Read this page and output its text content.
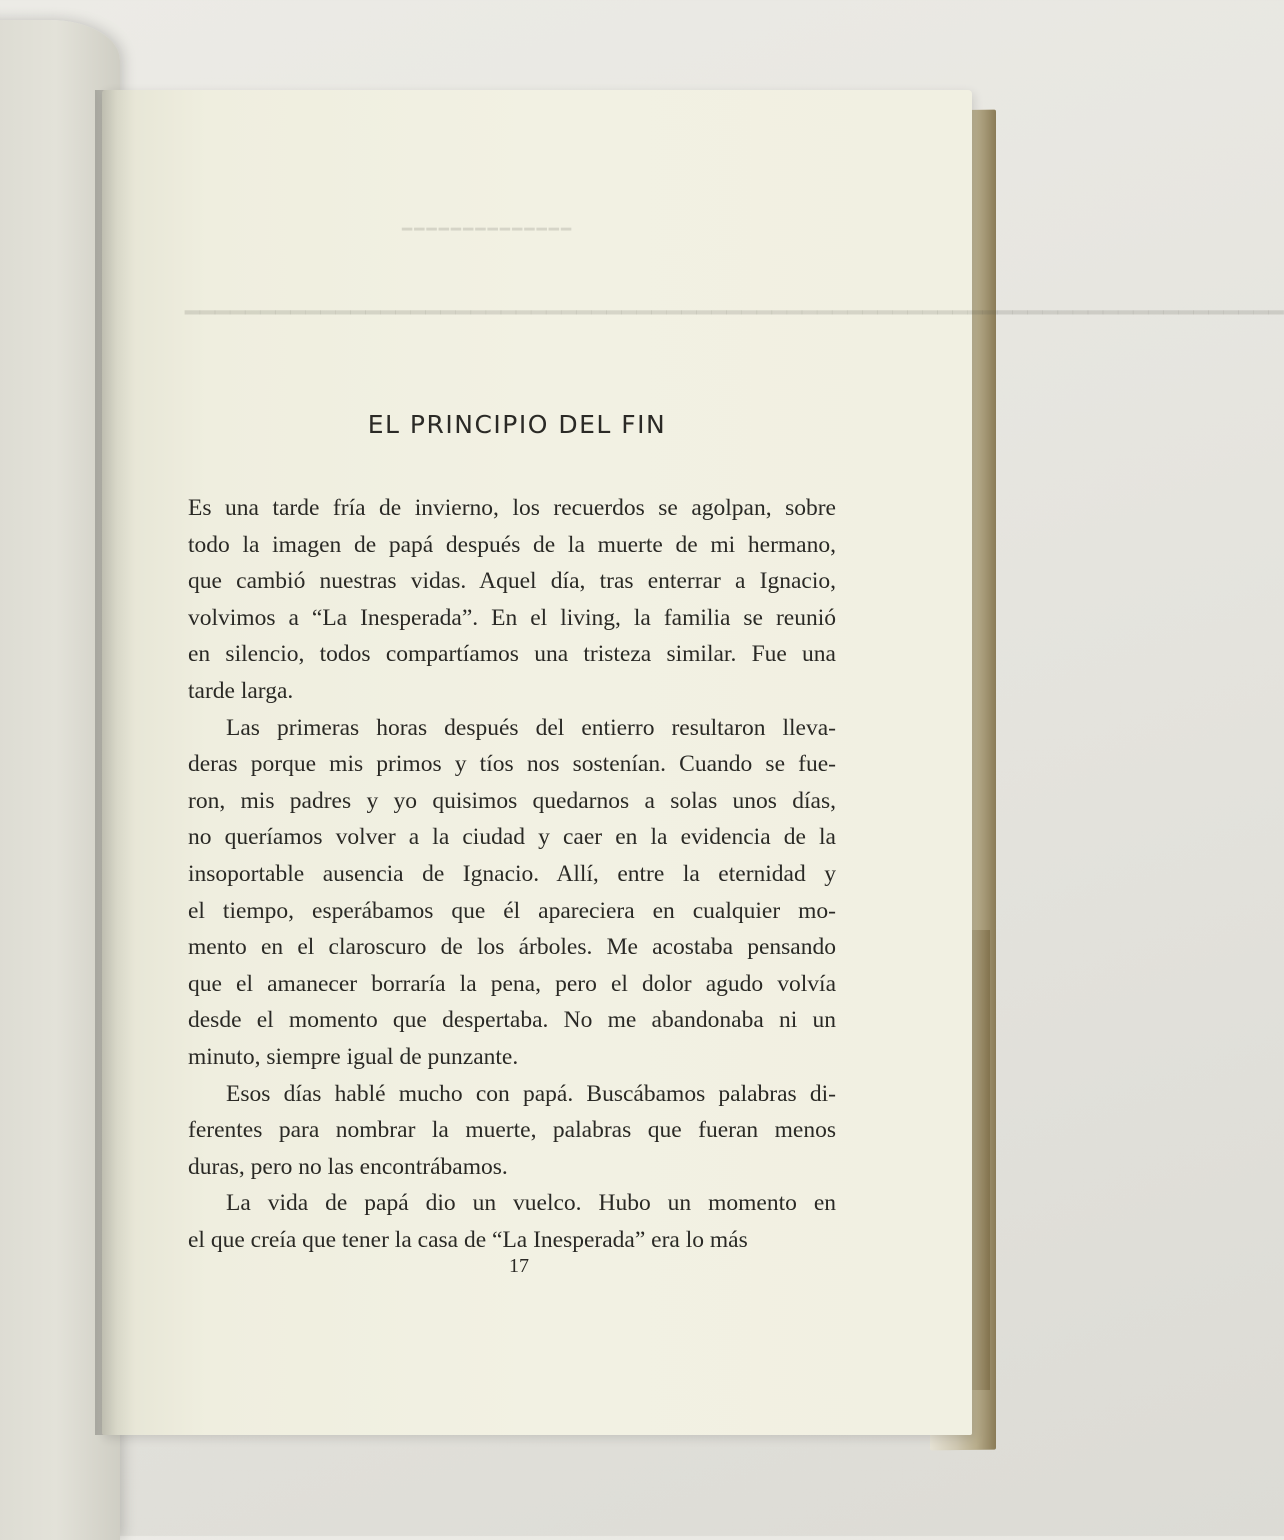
━━━━━━━━━━━━━━
━━━━━━━━━━━━━━━━━━━━━━━━━━━━━━━━━━━━━━━━━━━━━━━━━━━━━━━━━━━━━━━━━━━━━━━━━
EL PRINCIPIO DEL FIN
Es una tarde fría de invierno, los recuerdos se agolpan, sobre
todo la imagen de papá después de la muerte de mi hermano,
que cambió nuestras vidas. Aquel día, tras enterrar a Ignacio,
volvimos a “La Inesperada”. En el living, la familia se reunió
en silencio, todos compartíamos una tristeza similar. Fue una
tarde larga.
Las primeras horas después del entierro resultaron lleva-
deras porque mis primos y tíos nos sostenían. Cuando se fue-
ron, mis padres y yo quisimos quedarnos a solas unos días,
no queríamos volver a la ciudad y caer en la evidencia de la
insoportable ausencia de Ignacio. Allí, entre la eternidad y
el tiempo, esperábamos que él apareciera en cualquier mo-
mento en el claroscuro de los árboles. Me acostaba pensando
que el amanecer borraría la pena, pero el dolor agudo volvía
desde el momento que despertaba. No me abandonaba ni un
minuto, siempre igual de punzante.
Esos días hablé mucho con papá. Buscábamos palabras di-
ferentes para nombrar la muerte, palabras que fueran menos
duras, pero no las encontrábamos.
La vida de papá dio un vuelco. Hubo un momento en
el que creía que tener la casa de “La Inesperada” era lo más
17
